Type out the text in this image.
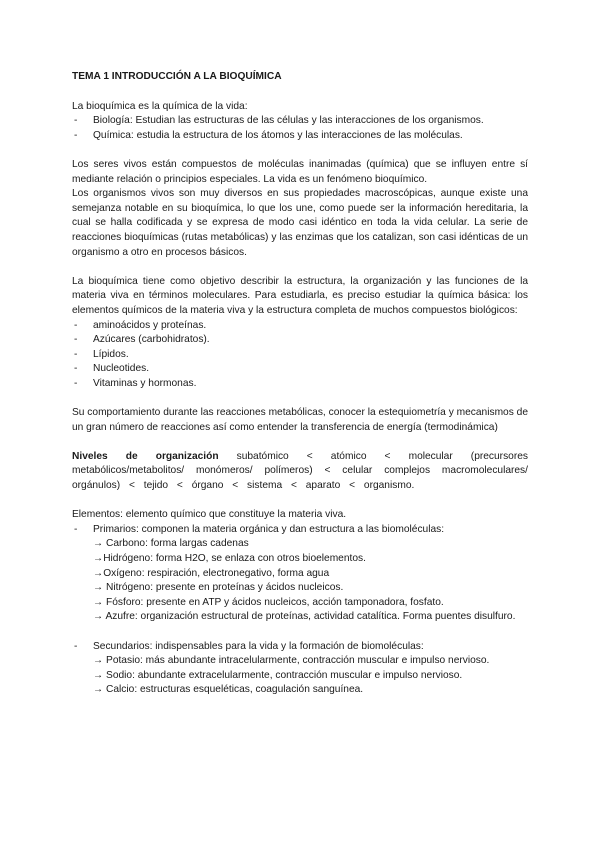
TEMA 1 INTRODUCCIÓN A LA BIOQUÍMICA

La bioquímica es la química de la vida:

- Biología: Estudian las estructuras de las células y las interacciones de los organismos.
- Química: estudia la estructura de los átomos y las interacciones de las moléculas.

Los seres vivos están compuestos de moléculas inanimadas (química) que se influyen entre sí mediante relación o principios especiales. La vida es un fenómeno bioquímico.

Los organismos vivos son muy diversos en sus propiedades macroscópicas, aunque existe una semejanza notable en su bioquímica, lo que los une, como puede ser la información hereditaria, la cual se halla codificada y se expresa de modo casi idéntico en toda la vida celular. La serie de reacciones bioquímicas (rutas metabólicas) y las enzimas que los catalizan, son casi idénticas de un organismo a otro en procesos básicos.

La bioquímica tiene como objetivo describir la estructura, la organización y las funciones de la materia viva en términos moleculares. Para estudiarla, es preciso estudiar la química básica: los elementos químicos de la materia viva y la estructura completa de muchos compuestos biológicos:

- aminoácidos y proteínas.
- Azúcares (carbohidratos).
- Lípidos.
- Nucleotides.
- Vitaminas y hormonas.

Su comportamiento durante las reacciones metabólicas, conocer la estequiometría y mecanismos de un gran número de reacciones así como entender la transferencia de energía (termodinámica)

Niveles de organización subatómico < atómico < molecular (precursores metabólicos/metabolitos/ monómeros/ polímeros) < celular complejos macromoleculares/ orgánulos) < tejido < órgano < sistema < aparato < organismo.

Elementos: elemento químico que constituye la materia viva.

- Primarios: componen la materia orgánica y dan estructura a las biomoléculas:
→ Carbono: forma largas cadenas
→Hidrógeno: forma H2O, se enlaza con otros bioelementos.
→Oxígeno: respiración, electronegativo, forma agua
→ Nitrógeno: presente en proteínas y ácidos nucleicos.
→ Fósforo: presente en ATP y ácidos nucleicos, acción tamponadora, fosfato.
→ Azufre: organización estructural de proteínas, actividad catalítica. Forma puentes disulfuro.
- Secundarios: indispensables para la vida y la formación de biomoléculas:
→ Potasio: más abundante intracelularmente, contracción muscular e impulso nervioso.
→ Sodio: abundante extracelularmente, contracción muscular e impulso nervioso.
→ Calcio: estructuras esqueléticas, coagulación sanguínea.
